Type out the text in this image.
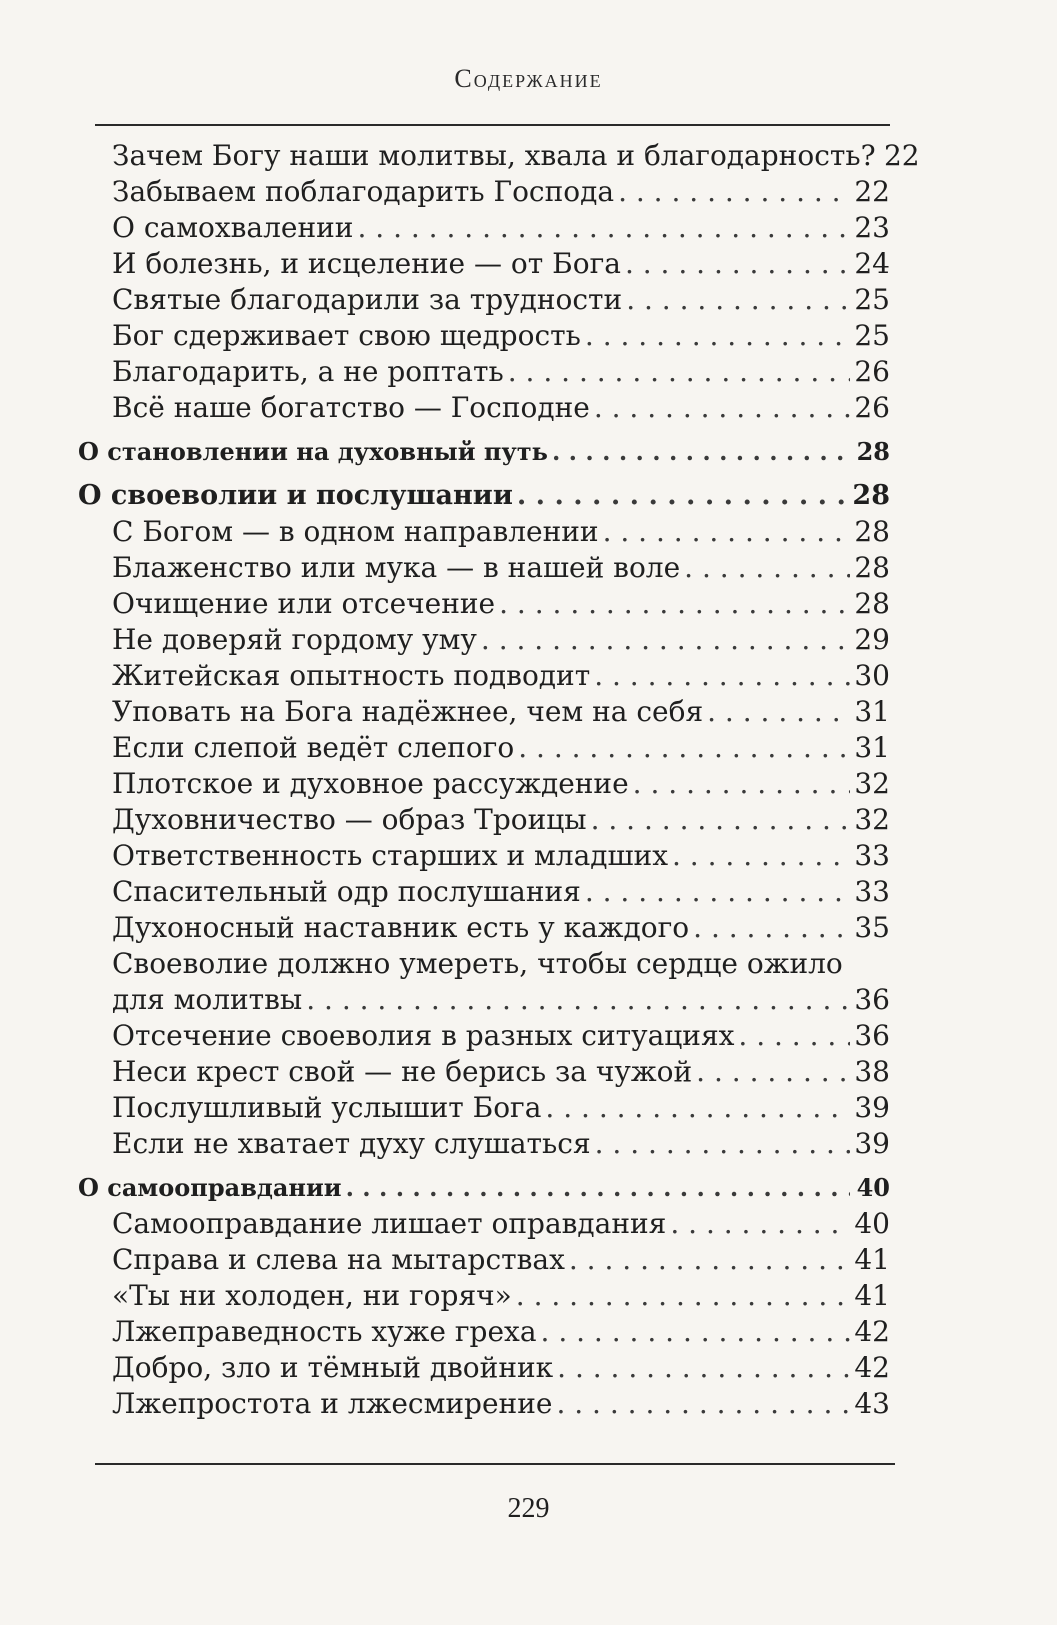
Содержание
Зачем Богу наши молитвы, хвала и благодарность? 22
Забываем поблагодарить Господа . . .	22
О самохвалении . . .	23
И болезнь, и исцеление — от Бога . . .	24
Святые благодарили за трудности . . .	25
Бог сдерживает свою щедрость . . .	25
Благодарить, а не роптать . . .	26
Всё наше богатство — Господне . . .	26
О становлении на духовный путь . . .	28
О своеволии и послушании . . .	28
С Богом — в одном направлении . . .	28
Блаженство или мука — в нашей воле . . .	28
Очищение или отсечение . . .	28
Не доверяй гордому уму . . .	29
Житейская опытность подводит . . .	30
Уповать на Бога надёжнее, чем на себя . . .	31
Если слепой ведёт слепого . . .	31
Плотское и духовное рассуждение . . .	32
Духовничество — образ Троицы . . .	32
Ответственность старших и младших . . .	33
Спасительный одр послушания . . .	33
Духоносный наставник есть у каждого . . .	35
Своеволие должно умереть, чтобы сердце ожило
для молитвы . . .	36
Отсечение своеволия в разных ситуациях . . .	36
Неси крест свой — не берись за чужой . . .	38
Послушливый услышит Бога . . .	39
Если не хватает духу слушаться . . .	39
О самооправдании . . .	40
Самооправдание лишает оправдания . . .	40
Справа и слева на мытарствах . . .	41
«Ты ни холоден, ни горяч» . . .	41
Лжеправедность хуже греха . . .	42
Добро, зло и тёмный двойник . . .	42
Лжепростота и лжесмирение . . .	43
229
